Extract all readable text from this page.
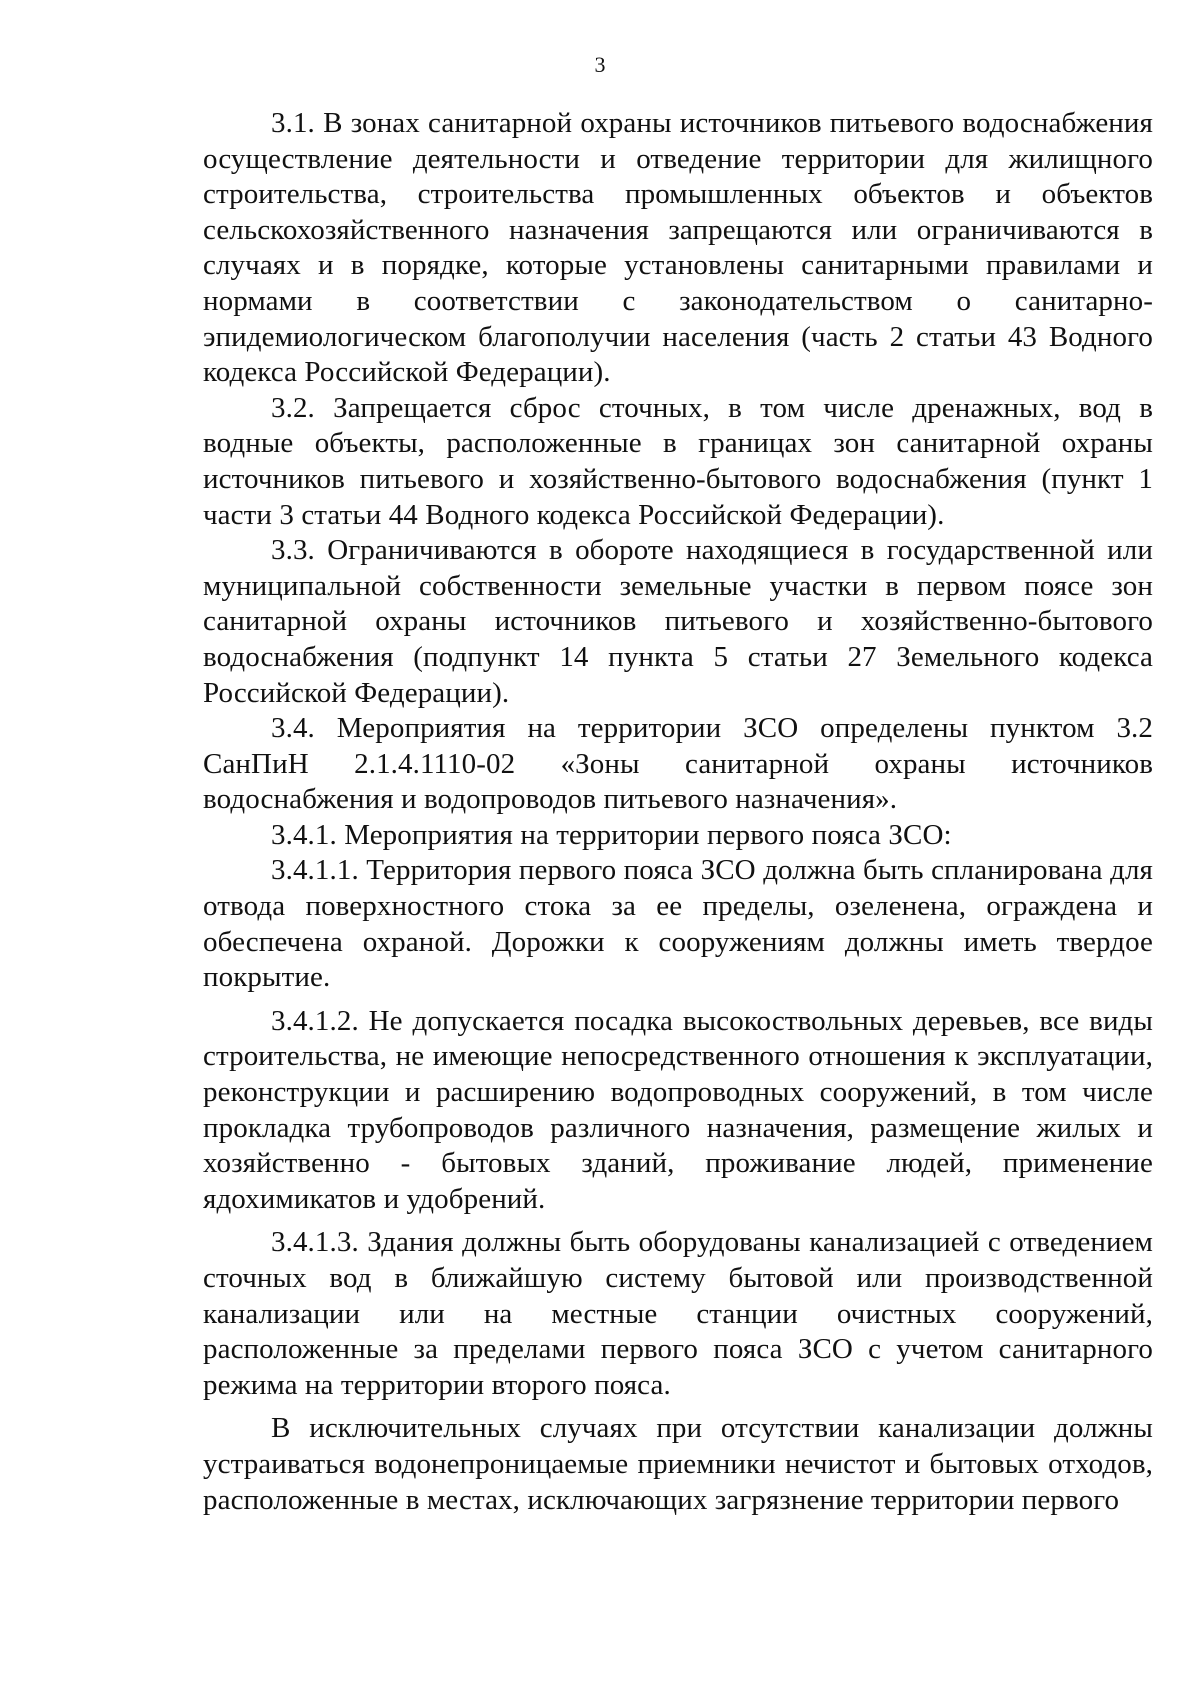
3

3.1. В зонах санитарной охраны источников питьевого водоснабжения осуществление деятельности и отведение территории для жилищного строительства, строительства промышленных объектов и объектов сельскохозяйственного назначения запрещаются или ограничиваются в случаях и в порядке, которые установлены санитарными правилами и нормами в соответствии с законодательством о санитарно-эпидемиологическом благополучии населения (часть 2 статьи 43 Водного кодекса Российской Федерации).

3.2. Запрещается сброс сточных, в том числе дренажных, вод в водные объекты, расположенные в границах зон санитарной охраны источников питьевого и хозяйственно-бытового водоснабжения (пункт 1 части 3 статьи 44 Водного кодекса Российской Федерации).

3.3. Ограничиваются в обороте находящиеся в государственной или муниципальной собственности земельные участки в первом поясе зон санитарной охраны источников питьевого и хозяйственно-бытового водоснабжения (подпункт 14 пункта 5 статьи 27 Земельного кодекса Российской Федерации).

3.4. Мероприятия на территории ЗСО определены пунктом 3.2 СанПиН 2.1.4.1110-02 «Зоны санитарной охраны источников водоснабжения и водопроводов питьевого назначения».

3.4.1. Мероприятия на территории первого пояса ЗСО:

3.4.1.1. Территория первого пояса ЗСО должна быть спланирована для отвода поверхностного стока за ее пределы, озеленена, ограждена и обеспечена охраной. Дорожки к сооружениям должны иметь твердое покрытие.

3.4.1.2. Не допускается посадка высокоствольных деревьев, все виды строительства, не имеющие непосредственного отношения к эксплуатации, реконструкции и расширению водопроводных сооружений, в том числе прокладка трубопроводов различного назначения, размещение жилых и хозяйственно - бытовых зданий, проживание людей, применение ядохимикатов и удобрений.

3.4.1.3. Здания должны быть оборудованы канализацией с отведением сточных вод в ближайшую систему бытовой или производственной канализации или на местные станции очистных сооружений, расположенные за пределами первого пояса ЗСО с учетом санитарного режима на территории второго пояса.

В исключительных случаях при отсутствии канализации должны устраиваться водонепроницаемые приемники нечистот и бытовых отходов, расположенные в местах, исключающих загрязнение территории первого
